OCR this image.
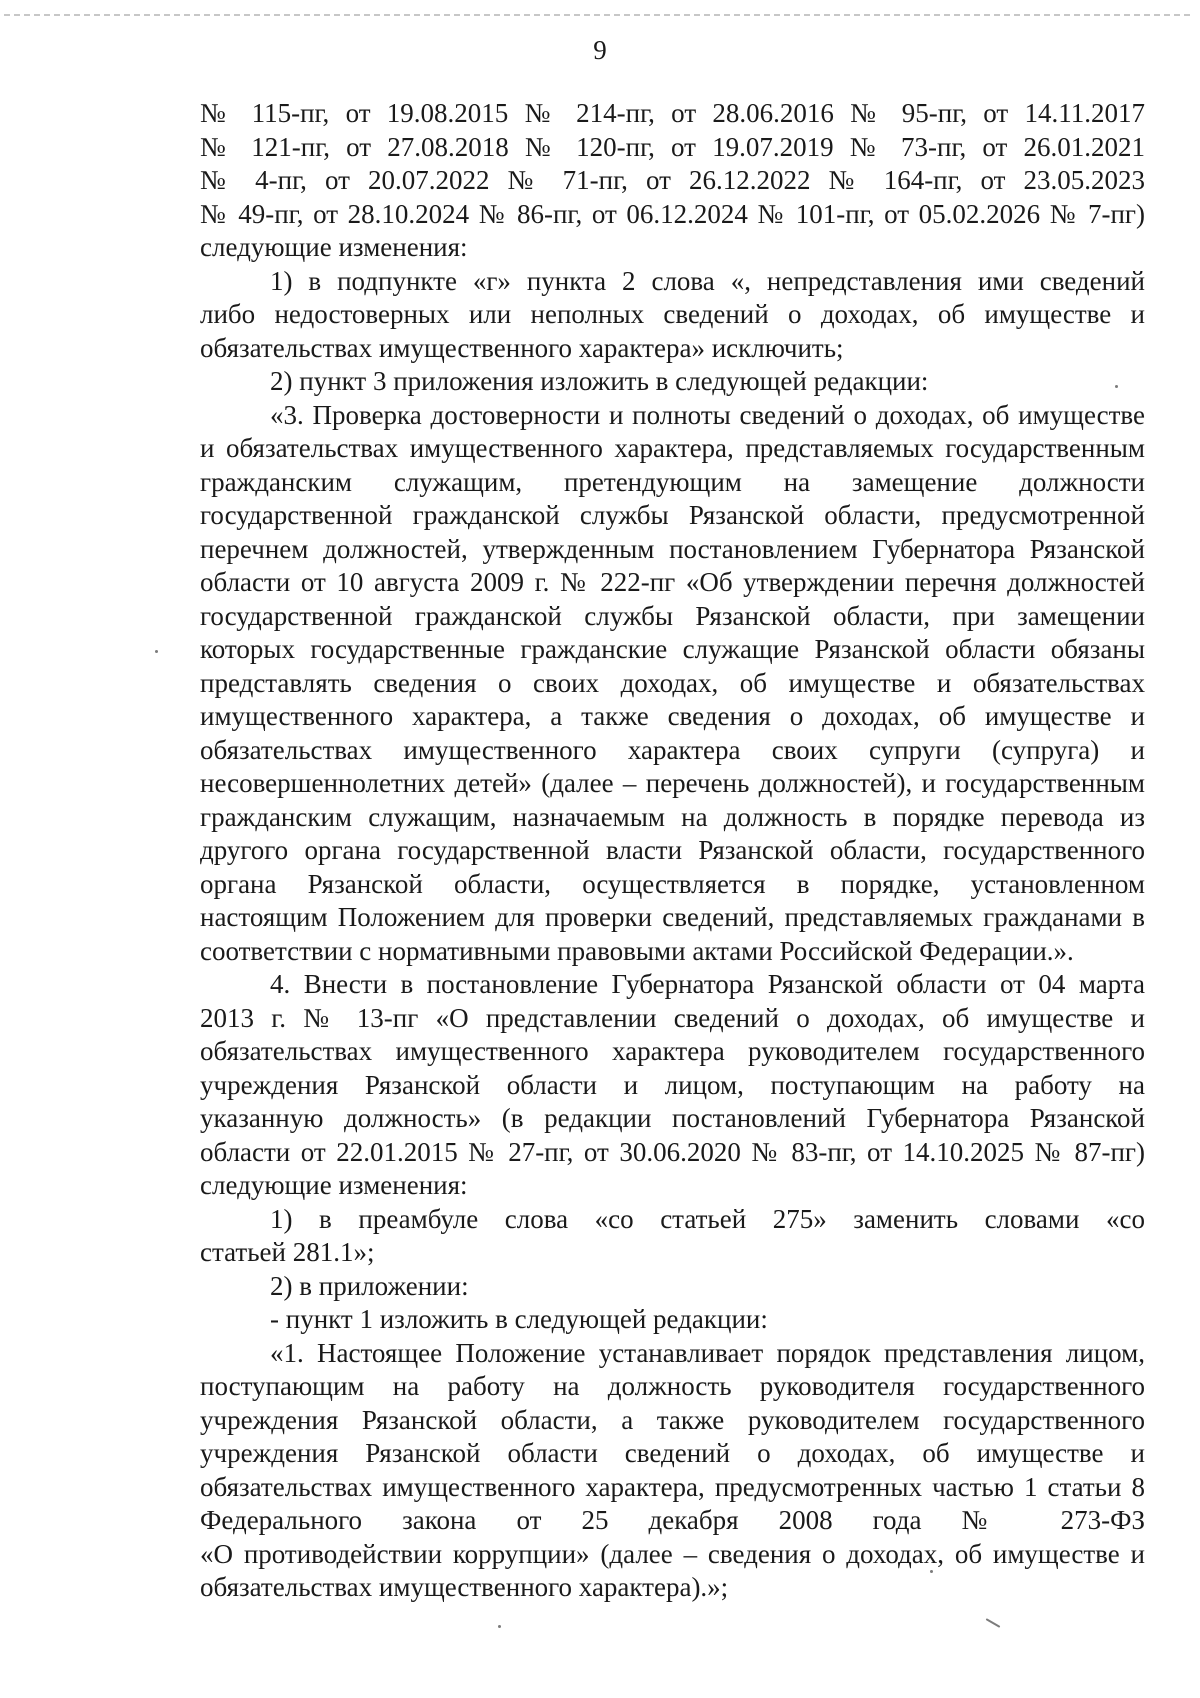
9

№ 115-пг, от 19.08.2015 № 214-пг, от 28.06.2016 № 95-пг, от 14.11.2017

№ 121-пг, от 27.08.2018 № 120-пг, от 19.07.2019 № 73-пг, от 26.01.2021

№ 4-пг, от 20.07.2022 № 71-пг, от 26.12.2022 № 164-пг, от 23.05.2023

№ 49-пг, от 28.10.2024 № 86-пг, от 06.12.2024 № 101-пг, от 05.02.2026 № 7-пг)

следующие изменения:

1) в подпункте «г» пункта 2 слова «, непредставления ими сведений

либо недостоверных или неполных сведений о доходах, об имуществе и

обязательствах имущественного характера» исключить;

2) пункт 3 приложения изложить в следующей редакции:

«3. Проверка достоверности и полноты сведений о доходах, об имуществе

и обязательствах имущественного характера, представляемых государственным

гражданским служащим, претендующим на замещение должности

государственной гражданской службы Рязанской области, предусмотренной

перечнем должностей, утвержденным постановлением Губернатора Рязанской

области от 10 августа 2009 г. № 222-пг «Об утверждении перечня должностей

государственной гражданской службы Рязанской области, при замещении

которых государственные гражданские служащие Рязанской области обязаны

представлять сведения о своих доходах, об имуществе и обязательствах

имущественного характера, а также сведения о доходах, об имуществе и

обязательствах имущественного характера своих супруги (супруга) и

несовершеннолетних детей» (далее – перечень должностей), и государственным

гражданским служащим, назначаемым на должность в порядке перевода из

другого органа государственной власти Рязанской области, государственного

органа Рязанской области, осуществляется в порядке, установленном

настоящим Положением для проверки сведений, представляемых гражданами в

соответствии с нормативными правовыми актами Российской Федерации.».

4. Внести в постановление Губернатора Рязанской области от 04 марта

2013 г. № 13-пг «О представлении сведений о доходах, об имуществе и

обязательствах имущественного характера руководителем государственного

учреждения Рязанской области и лицом, поступающим на работу на

указанную должность» (в редакции постановлений Губернатора Рязанской

области от 22.01.2015 № 27-пг, от 30.06.2020 № 83-пг, от 14.10.2025 № 87-пг)

следующие изменения:

1) в преамбуле слова «со статьей 275» заменить словами «со

статьей 281.1»;

2) в приложении:

- пункт 1 изложить в следующей редакции:

«1. Настоящее Положение устанавливает порядок представления лицом,

поступающим на работу на должность руководителя государственного

учреждения Рязанской области, а также руководителем государственного

учреждения Рязанской области сведений о доходах, об имуществе и

обязательствах имущественного характера, предусмотренных частью 1 статьи 8

Федерального закона от 25 декабря 2008 года № 273-ФЗ

«О противодействии коррупции» (далее – сведения о доходах, об имуществе и

обязательствах имущественного характера).»;
